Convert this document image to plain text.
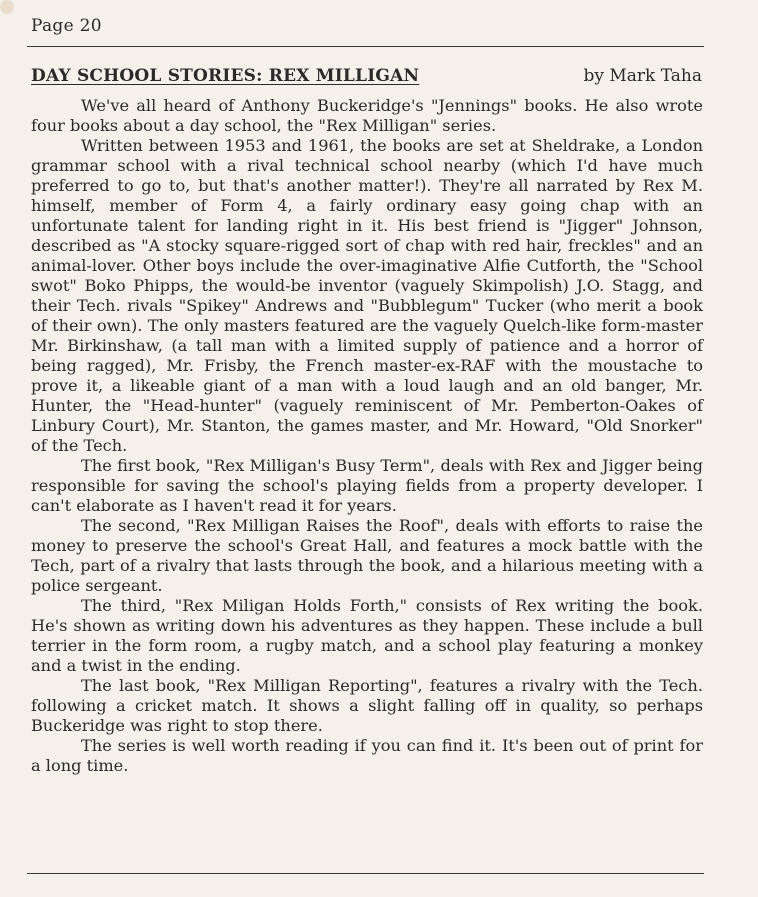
Page 20
DAY SCHOOL STORIES: REX MILLIGAN	by Mark Taha

We've all heard of Anthony Buckeridge's "Jennings" books. He also wrote four books about a day school, the "Rex Milligan" series.

Written between 1953 and 1961, the books are set at Sheldrake, a London grammar school with a rival technical school nearby (which I'd have much preferred to go to, but that's another matter!). They're all narrated by Rex M. himself, member of Form 4, a fairly ordinary easy going chap with an unfortunate talent for landing right in it. His best friend is "Jigger" Johnson, described as "A stocky square-rigged sort of chap with red hair, freckles" and an animal-lover. Other boys include the over-imaginative Alfie Cutforth, the "School swot" Boko Phipps, the would-be inventor (vaguely Skimpolish) J.O. Stagg, and their Tech. rivals "Spikey" Andrews and "Bubblegum" Tucker (who merit a book of their own). The only masters featured are the vaguely Quelch-like form-master Mr. Birkinshaw, (a tall man with a limited supply of patience and a horror of being ragged), Mr. Frisby, the French master-ex-RAF with the moustache to prove it, a likeable giant of a man with a loud laugh and an old banger, Mr. Hunter, the "Head-hunter" (vaguely reminiscent of Mr. Pemberton-Oakes of Linbury Court), Mr. Stanton, the games master, and Mr. Howard, "Old Snorker" of the Tech.

The first book, "Rex Milligan's Busy Term", deals with Rex and Jigger being responsible for saving the school's playing fields from a property developer. I can't elaborate as I haven't read it for years.

The second, "Rex Milligan Raises the Roof", deals with efforts to raise the money to preserve the school's Great Hall, and features a mock battle with the Tech, part of a rivalry that lasts through the book, and a hilarious meeting with a police sergeant.

The third, "Rex Miligan Holds Forth," consists of Rex writing the book. He's shown as writing down his adventures as they happen. These include a bull terrier in the form room, a rugby match, and a school play featuring a monkey and a twist in the ending.

The last book, "Rex Milligan Reporting", features a rivalry with the Tech. following a cricket match. It shows a slight falling off in quality, so perhaps Buckeridge was right to stop there.

The series is well worth reading if you can find it. It's been out of print for a long time.
